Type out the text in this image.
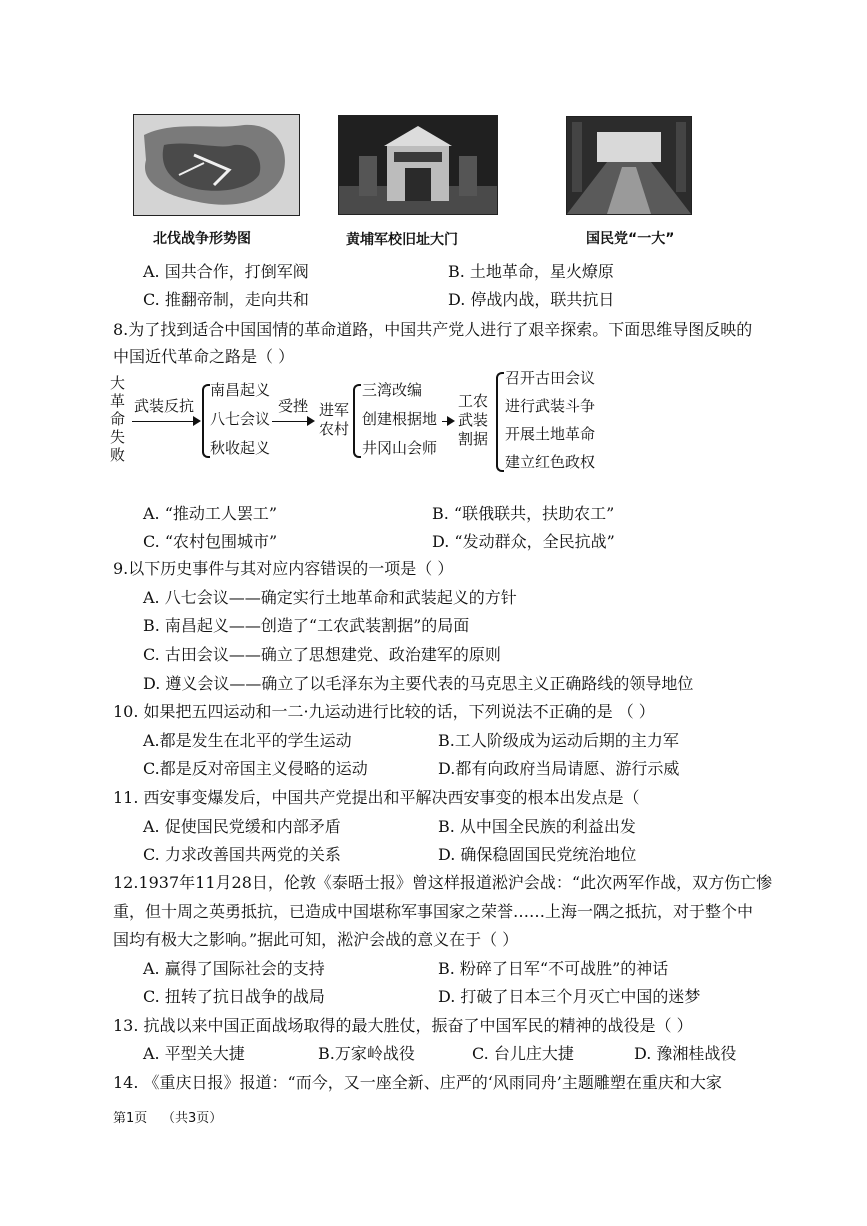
北伐战争形势图	黄埔军校旧址大门	国民党“一大”
A. 国共合作，打倒军阀	B. 土地革命，星火燎原
C. 推翻帝制，走向共和	D. 停战内战，联共抗日
8.为了找到适合中国国情的革命道路，中国共产党人进行了艰辛探索。下面思维导图反映的
中国近代革命之路是（ ）
大
革
命
失
败
武装反抗
南昌起义
八七会议
秋收起义
受挫 进军
农村
三湾改编
创建根据地
井冈山会师
工农
武装
割据
召开古田会议
进行武装斗争
开展土地革命
建立红色政权
A. “推动工人罢工”	B. “联俄联共，扶助农工”
C. “农村包围城市”	D. “发动群众，全民抗战”
9.以下历史事件与其对应内容错误的一项是（ ）
A. 八七会议——确定实行土地革命和武装起义的方针
B. 南昌起义——创造了“工农武装割据”的局面
C. 古田会议——确立了思想建党、政治建军的原则
D. 遵义会议——确立了以毛泽东为主要代表的马克思主义正确路线的领导地位
10. 如果把五四运动和一二·九运动进行比较的话，下列说法不正确的是 （ ）
A.都是发生在北平的学生运动	B.工人阶级成为运动后期的主力军
C.都是反对帝国主义侵略的运动	D.都有向政府当局请愿、游行示威
11. 西安事变爆发后，中国共产党提出和平解决西安事变的根本出发点是（
A. 促使国民党缓和内部矛盾	B. 从中国全民族的利益出发
C. 力求改善国共两党的关系	D. 确保稳固国民党统治地位
12.1937年11月28日，伦敦《泰晤士报》曾这样报道淞沪会战：“此次两军作战，双方伤亡惨
重，但十周之英勇抵抗，已造成中国堪称军事国家之荣誉……上海一隅之抵抗，对于整个中
国均有极大之影响。”据此可知，淞沪会战的意义在于（ ）
A. 赢得了国际社会的支持	B. 粉碎了日军“不可战胜”的神话
C. 扭转了抗日战争的战局	D. 打破了日本三个月灭亡中国的迷梦
13. 抗战以来中国正面战场取得的最大胜仗，振奋了中国军民的精神的战役是（ ）
A. 平型关大捷	B.万家岭战役	C. 台儿庄大捷	D. 豫湘桂战役
14. 《重庆日报》报道：“而今，又一座全新、庄严的‘风雨同舟’主题雕塑在重庆和大家
第1页 （共3页）
